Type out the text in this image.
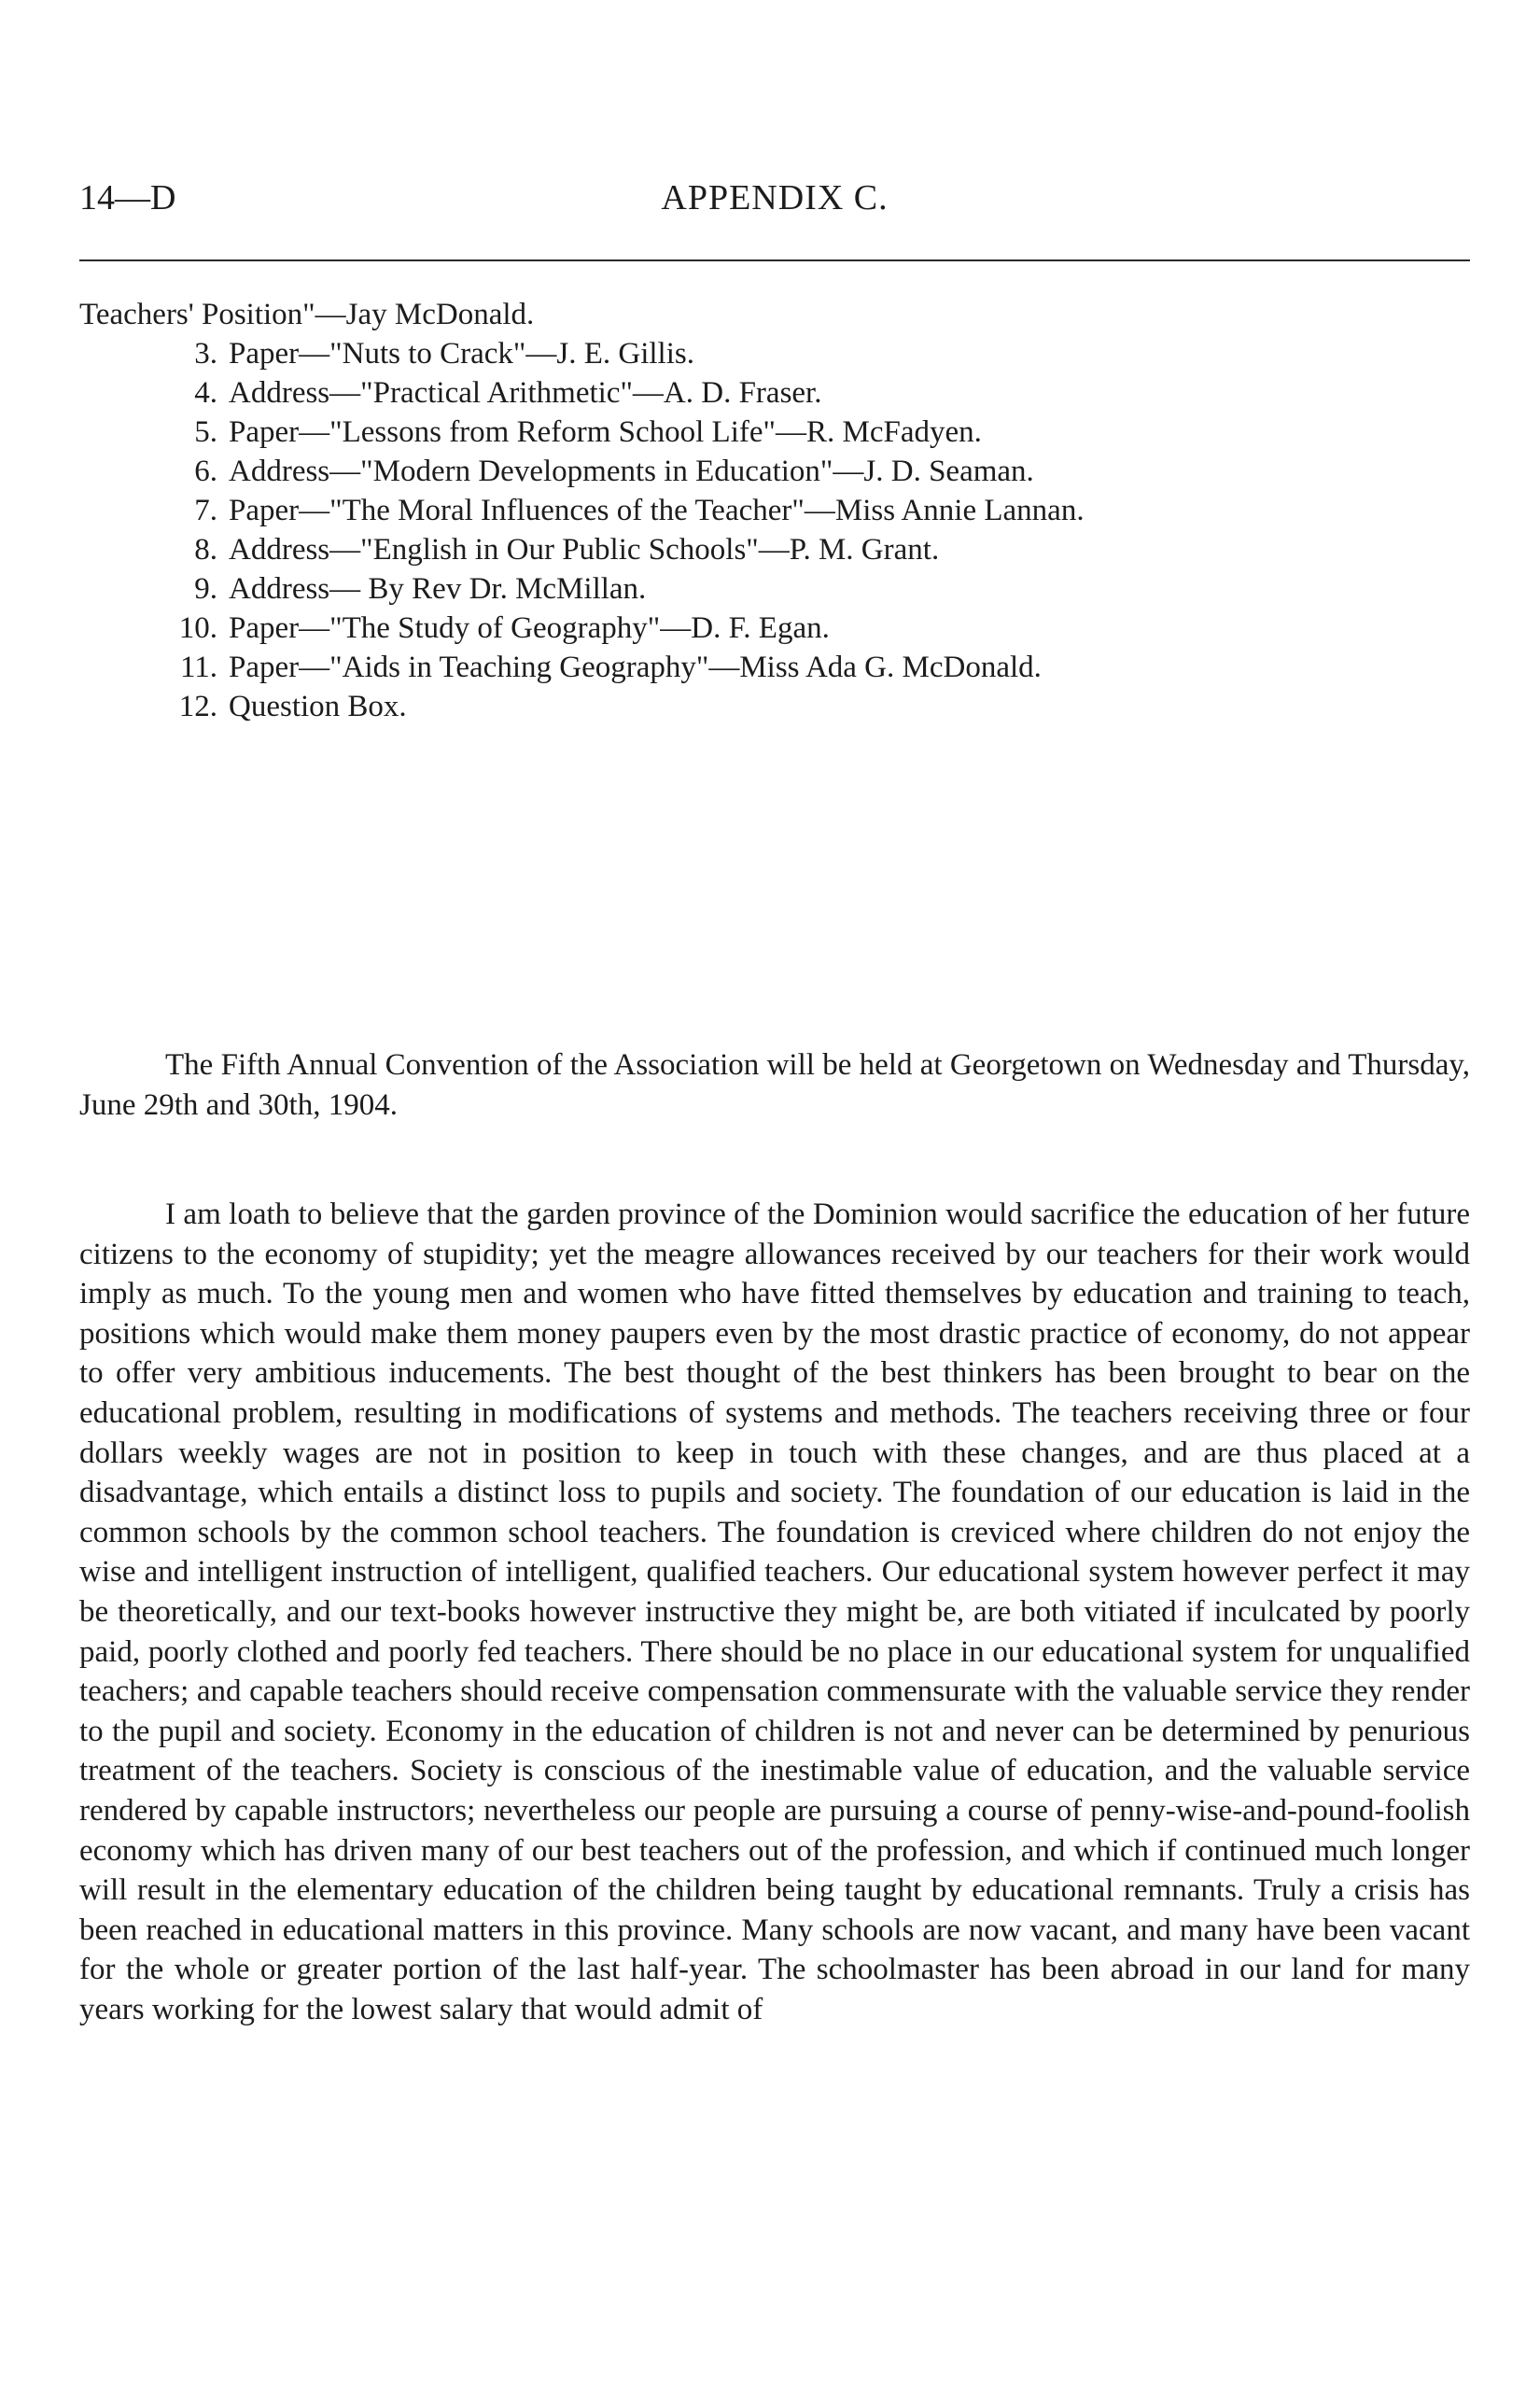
14—D	APPENDIX C.
Teachers' Position"—Jay McDonald.
3. Paper—"Nuts to Crack"—J. E. Gillis.
4. Address—"Practical Arithmetic"—A. D. Fraser.
5. Paper—"Lessons from Reform School Life"—R. McFadyen.
6. Address—"Modern Developments in Education"—J. D. Seaman.
7. Paper—"The Moral Influences of the Teacher"—Miss Annie Lannan.
8. Address—"English in Our Public Schools"—P. M. Grant.
9. Address— By Rev Dr. McMillan.
10. Paper—"The Study of Geography"—D. F. Egan.
11. Paper—"Aids in Teaching Geography"—Miss Ada G. McDonald.
12. Question Box.

The Fifth Annual Convention of the Association will be held at Georgetown on Wednesday and Thursday, June 29th and 30th, 1904.

I am loath to believe that the garden province of the Dominion would sacrifice the education of her future citizens to the economy of stupidity; yet the meagre allowances received by our teachers for their work would imply as much. To the young men and women who have fitted themselves by education and training to teach, positions which would make them money paupers even by the most drastic practice of economy, do not appear to offer very ambitious inducements. The best thought of the best thinkers has been brought to bear on the educational problem, resulting in modifications of systems and methods. The teachers receiving three or four dollars weekly wages are not in position to keep in touch with these changes, and are thus placed at a disadvantage, which entails a distinct loss to pupils and society. The foundation of our education is laid in the common schools by the common school teachers. The foundation is creviced where children do not enjoy the wise and intelligent instruction of intelligent, qualified teachers. Our educational system however perfect it may be theoretically, and our text-books however instructive they might be, are both vitiated if inculcated by poorly paid, poorly clothed and poorly fed teachers. There should be no place in our educational system for unqualified teachers; and capable teachers should receive compensation commensurate with the valuable service they render to the pupil and society. Economy in the education of children is not and never can be determined by penurious treatment of the teachers. Society is conscious of the inestimable value of education, and the valuable service rendered by capable instructors; nevertheless our people are pursuing a course of penny-wise-and-pound-foolish economy which has driven many of our best teachers out of the profession, and which if continued much longer will result in the elementary education of the children being taught by educational remnants. Truly a crisis has been reached in educational matters in this province. Many schools are now vacant, and many have been vacant for the whole or greater portion of the last half-year. The schoolmaster has been abroad in our land for many years working for the lowest salary that would admit of
